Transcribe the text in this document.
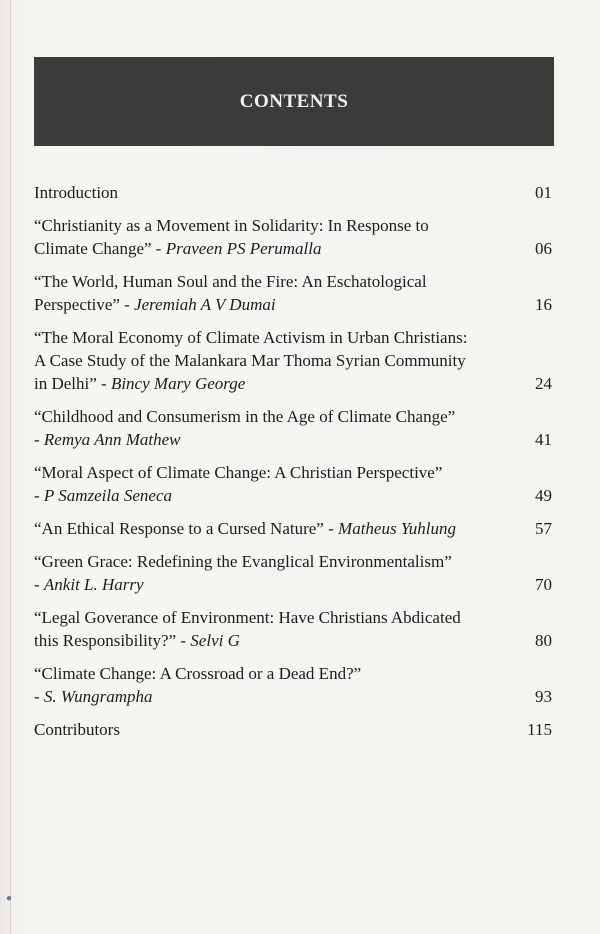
CONTENTS
Introduction	01
“Christianity as a Movement in Solidarity: In Response to
Climate Change” - Praveen PS Perumalla	06
“The World, Human Soul and the Fire: An Eschatological
Perspective” - Jeremiah A V Dumai	16
“The Moral Economy of Climate Activism in Urban Christians:
A Case Study of the Malankara Mar Thoma Syrian Community
in Delhi” - Bincy Mary George	24
“Childhood and Consumerism in the Age of Climate Change”
- Remya Ann Mathew	41
“Moral Aspect of Climate Change: A Christian Perspective”
- P Samzeila Seneca	49
“An Ethical Response to a Cursed Nature” - Matheus Yuhlung	57
“Green Grace: Redefining the Evanglical Environmentalism”
- Ankit L. Harry	70
“Legal Goverance of Environment: Have Christians Abdicated
this Responsibility?” - Selvi G	80
“Climate Change: A Crossroad or a Dead End?”
- S. Wungrampha	93
Contributors	115
●
